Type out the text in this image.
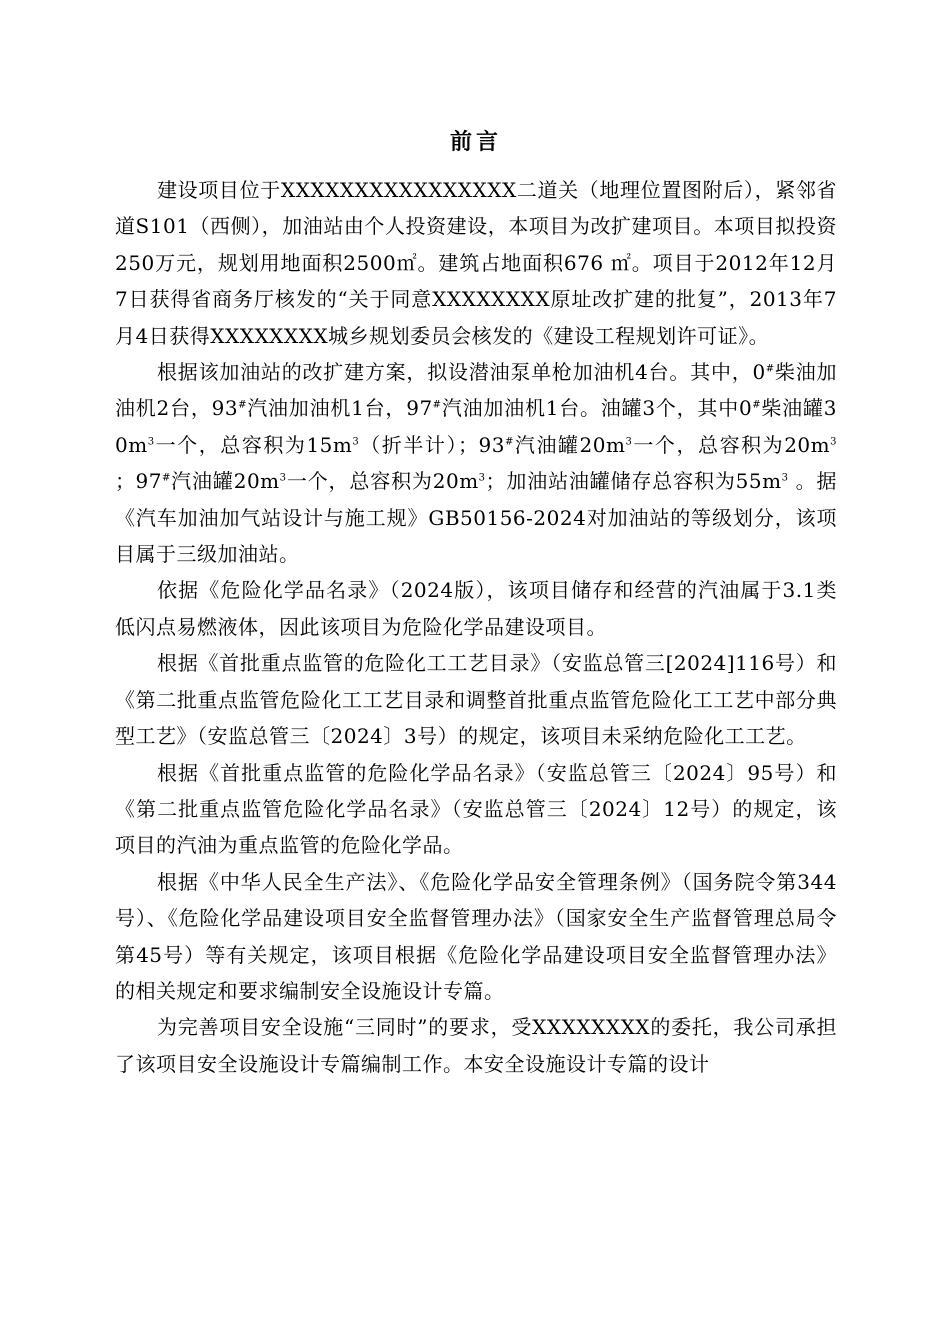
前言

建设项目位于XXXXXXXXXXXXXXXX二道关（地理位置图附后），紧邻省道S101（西侧），加油站由个人投资建设，本项目为改扩建项目。本项目拟投资250万元，规划用地面积2500㎡。建筑占地面积676 ㎡。项目于2012年12月7日获得省商务厅核发的“关于同意XXXXXXXX原址改扩建的批复”，2013年7月4日获得XXXXXXXX城乡规划委员会核发的《建设工程规划许可证》。

根据该加油站的改扩建方案，拟设潜油泵单枪加油机4台。其中，0#柴油加油机2台，93#汽油加油机1台，97#汽油加油机1台。油罐3个，其中0#柴油罐$30m^3$一个，总容积为$15m^3$（折半计）；93#汽油罐$20m^3$一个，总容积为$20m^3$ ；97#汽油罐$20m^3$一个，总容积为$20m^3$；加油站油罐储存总容积为$55m^3$ 。据《汽车加油加气站设计与施工规》GB50156-2024对加油站的等级划分，该项目属于三级加油站。

依据《危险化学品名录》（2024版），该项目储存和经营的汽油属于3.1类低闪点易燃液体，因此该项目为危险化学品建设项目。

根据《首批重点监管的危险化工工艺目录》（安监总管三[2024]116号）和《第二批重点监管危险化工工艺目录和调整首批重点监管危险化工工艺中部分典型工艺》（安监总管三〔2024〕3号）的规定，该项目未采纳危险化工工艺。

根据《首批重点监管的危险化学品名录》（安监总管三〔2024〕95号）和《第二批重点监管危险化学品名录》（安监总管三〔2024〕12号）的规定，该项目的汽油为重点监管的危险化学品。

根据《中华人民全生产法》、《危险化学品安全管理条例》（国务院令第344号）、《危险化学品建设项目安全监督管理办法》（国家安全生产监督管理总局令第45号）等有关规定，该项目根据《危险化学品建设项目安全监督管理办法》的相关规定和要求编制安全设施设计专篇。

为完善项目安全设施“三同时”的要求，受XXXXXXXX的委托，我公司承担了该项目安全设施设计专篇编制工作。本安全设施设计专篇的设计
